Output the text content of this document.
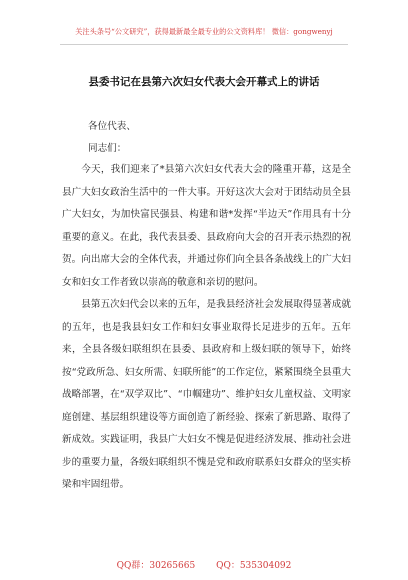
关注头条号“公文研究”，获得最新最全最专业的公文资料库！ 微信：gongwenyj
县委书记在县第六次妇女代表大会开幕式上的讲话
各位代表、
同志们：

今天，我们迎来了*县第六次妇女代表大会的隆重开幕，这是全县广大妇女政治生活中的一件大事。开好这次大会对于团结动员全县广大妇女，为加快富民强县、构建和谐*发挥“半边天”作用具有十分重要的意义。在此，我代表县委、县政府向大会的召开表示热烈的祝贺。向出席大会的全体代表，并通过你们向全县各条战线上的广大妇女和妇女工作者致以崇高的敬意和亲切的慰问。

县第五次妇代会以来的五年，是我县经济社会发展取得显著成就的五年，也是我县妇女工作和妇女事业取得长足进步的五年。五年来，全县各级妇联组织在县委、县政府和上级妇联的领导下，始终按“党政所急、妇女所需、妇联所能”的工作定位，紧紧围绕全县重大战略部署，在“双学双比”、“巾帼建功”、维护妇女儿童权益、文明家庭创建、基层组织建设等方面创造了新经验、探索了新思路、取得了新成效。实践证明，我县广大妇女不愧是促进经济发展、推动社会进步的重要力量，各级妇联组织不愧是党和政府联系妇女群众的坚实桥梁和牢固纽带。

QQ群：30265665 QQ：535304092
